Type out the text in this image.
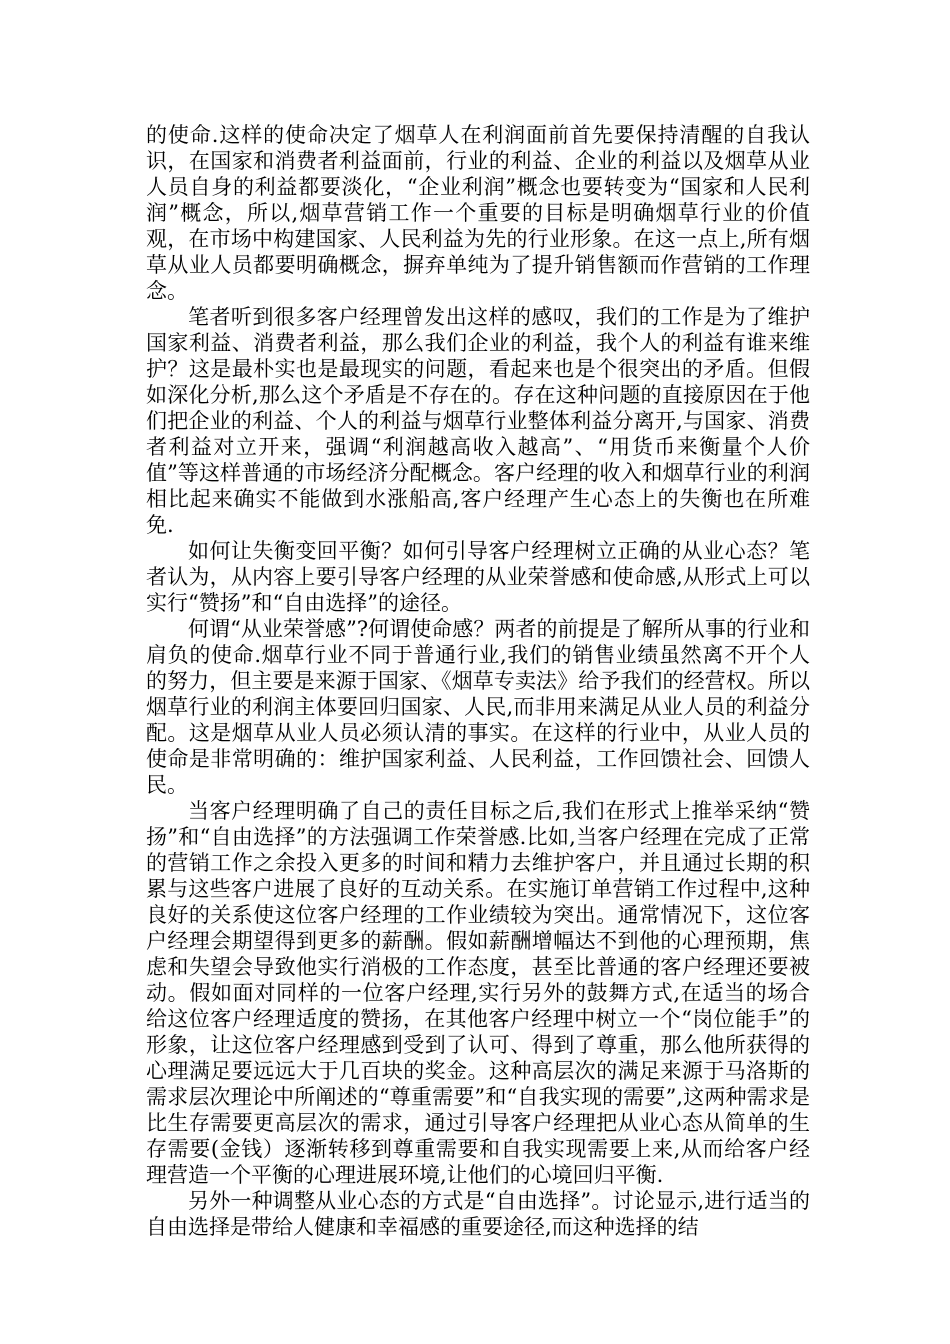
的使命.这样的使命决定了烟草人在利润面前首先要保持清醒的自我认识，在国家和消费者利益面前，行业的利益、企业的利益以及烟草从业人员自身的利益都要淡化，“企业利润”概念也要转变为“国家和人民利润”概念，所以,烟草营销工作一个重要的目标是明确烟草行业的价值观，在市场中构建国家、人民利益为先的行业形象。在这一点上,所有烟草从业人员都要明确概念，摒弃单纯为了提升销售额而作营销的工作理念。

笔者听到很多客户经理曾发出这样的感叹，我们的工作是为了维护国家利益、消费者利益，那么我们企业的利益，我个人的利益有谁来维护？这是最朴实也是最现实的问题，看起来也是个很突出的矛盾。但假如深化分析,那么这个矛盾是不存在的。存在这种问题的直接原因在于他们把企业的利益、个人的利益与烟草行业整体利益分离开,与国家、消费者利益对立开来，强调“利润越高收入越高”、“用货币来衡量个人价值”等这样普通的市场经济分配概念。客户经理的收入和烟草行业的利润相比起来确实不能做到水涨船高,客户经理产生心态上的失衡也在所难免.

如何让失衡变回平衡？如何引导客户经理树立正确的从业心态？笔者认为，从内容上要引导客户经理的从业荣誉感和使命感,从形式上可以实行“赞扬”和“自由选择”的途径。

何谓“从业荣誉感”?何谓使命感？两者的前提是了解所从事的行业和肩负的使命.烟草行业不同于普通行业,我们的销售业绩虽然离不开个人的努力，但主要是来源于国家、《烟草专卖法》给予我们的经营权。所以烟草行业的利润主体要回归国家、人民,而非用来满足从业人员的利益分配。这是烟草从业人员必须认清的事实。在这样的行业中，从业人员的使命是非常明确的：维护国家利益、人民利益，工作回馈社会、回馈人民。

当客户经理明确了自己的责任目标之后,我们在形式上推举采纳“赞扬”和“自由选择”的方法强调工作荣誉感.比如,当客户经理在完成了正常的营销工作之余投入更多的时间和精力去维护客户，并且通过长期的积累与这些客户进展了良好的互动关系。在实施订单营销工作过程中,这种良好的关系使这位客户经理的工作业绩较为突出。通常情况下，这位客户经理会期望得到更多的薪酬。假如薪酬增幅达不到他的心理预期，焦虑和失望会导致他实行消极的工作态度，甚至比普通的客户经理还要被动。假如面对同样的一位客户经理,实行另外的鼓舞方式,在适当的场合给这位客户经理适度的赞扬，在其他客户经理中树立一个“岗位能手”的形象，让这位客户经理感到受到了认可、得到了尊重，那么他所获得的心理满足要远远大于几百块的奖金。这种高层次的满足来源于马洛斯的需求层次理论中所阐述的“尊重需要”和“自我实现的需要”,这两种需求是比生存需要更高层次的需求，通过引导客户经理把从业心态从简单的生存需要(金钱）逐渐转移到尊重需要和自我实现需要上来,从而给客户经理营造一个平衡的心理进展环境,让他们的心境回归平衡.

另外一种调整从业心态的方式是“自由选择”。讨论显示,进行适当的自由选择是带给人健康和幸福感的重要途径,而这种选择的结
